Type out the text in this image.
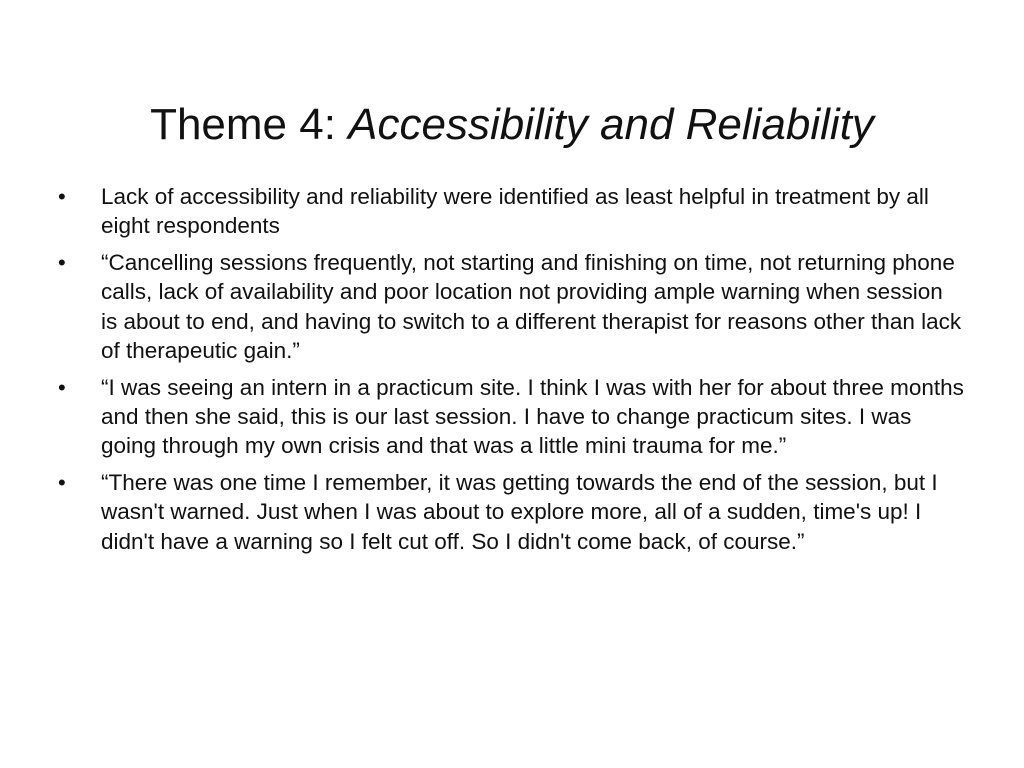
Theme 4: Accessibility and Reliability
•	Lack of accessibility and reliability were identified as least helpful in treatment by all eight respondents
•	“Cancelling sessions frequently, not starting and finishing on time, not returning phone calls, lack of availability and poor location not providing ample warning when session is about to end, and having to switch to a different therapist for reasons other than lack of therapeutic gain.”
•	“I was seeing an intern in a practicum site. I think I was with her for about three months and then she said, this is our last session. I have to change practicum sites. I was going through my own crisis and that was a little mini trauma for me.”
•	“There was one time I remember, it was getting towards the end of the session, but I wasn't warned. Just when I was about to explore more, all of a sudden, time's up! I didn't have a warning so I felt cut off. So I didn't come back, of course.”
